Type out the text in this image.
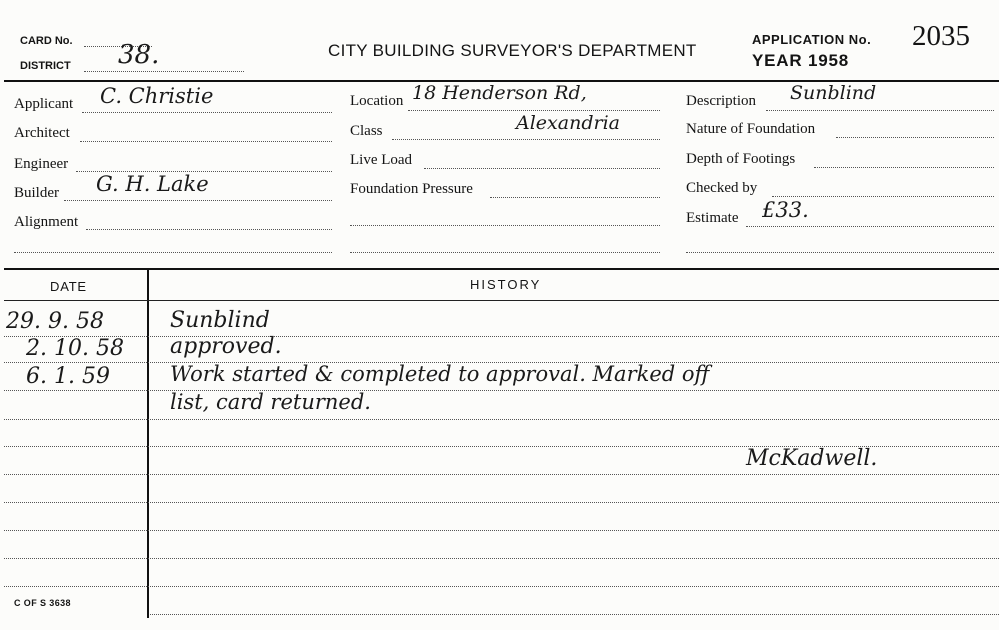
CARD No.
DISTRICT 38.	CITY BUILDING SURVEYOR'S DEPARTMENT
APPLICATION No. 2035
YEAR 1958
Applicant C. Christie
Architect
Engineer
Builder G. H. Lake
Alignment
Location 18 Henderson Rd,
Class	Alexandria
Live Load
Foundation Pressure
Description Sunblind
Nature of Foundation
Depth of Footings
Checked by
Estimate £33.
DATE	HISTORY
29. 9. 58	Sunblind
2. 10. 58 approved.
6. 1. 59	Work started & completed to approval. Marked off
list, card returned.
McKadwell.
C OF S 3638
